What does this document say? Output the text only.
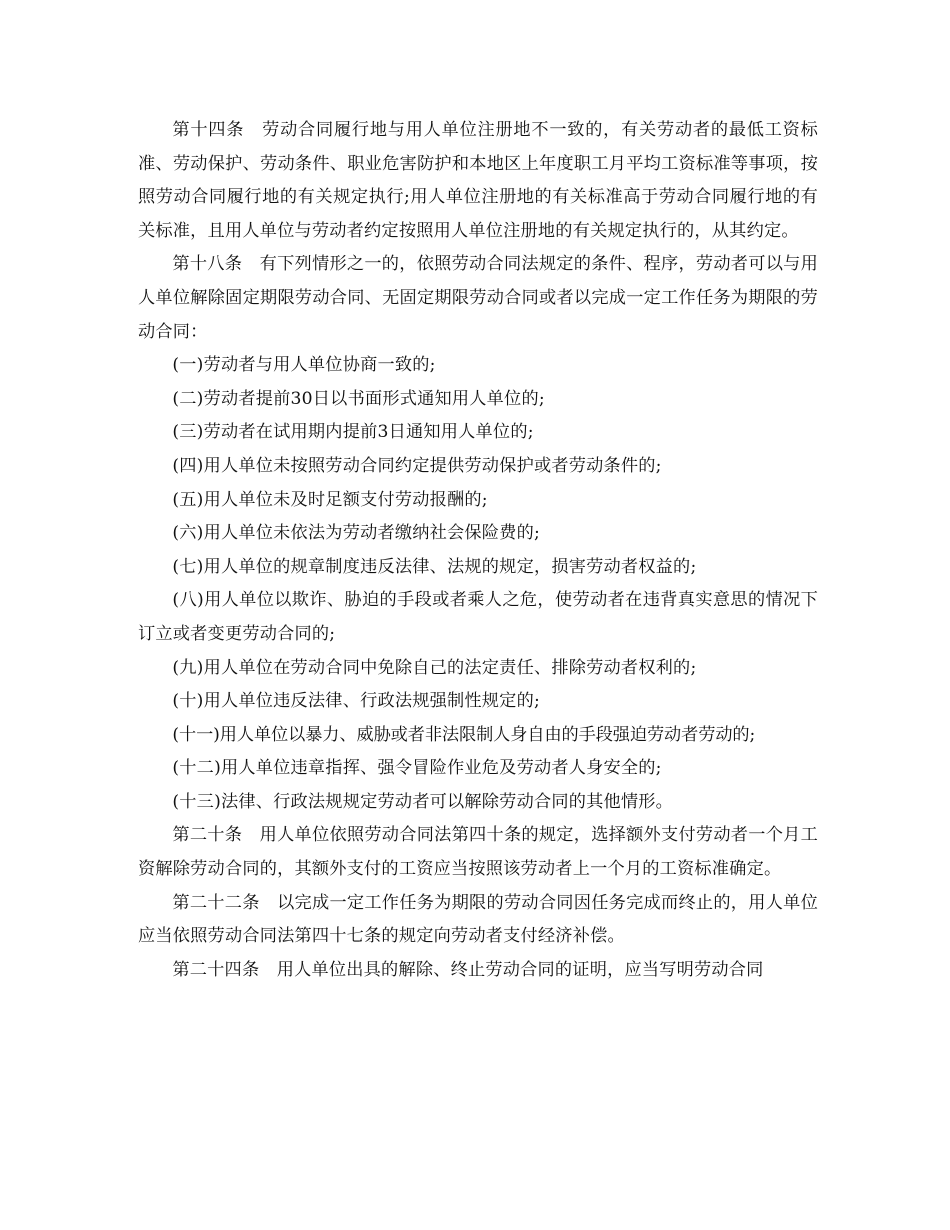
第十四条　劳动合同履行地与用人单位注册地不一致的，有关劳动者的最低工资标准、劳动保护、劳动条件、职业危害防护和本地区上年度职工月平均工资标准等事项，按照劳动合同履行地的有关规定执行;用人单位注册地的有关标准高于劳动合同履行地的有关标准，且用人单位与劳动者约定按照用人单位注册地的有关规定执行的，从其约定。

第十八条　有下列情形之一的，依照劳动合同法规定的条件、程序，劳动者可以与用人单位解除固定期限劳动合同、无固定期限劳动合同或者以完成一定工作任务为期限的劳动合同：

(一)劳动者与用人单位协商一致的;

(二)劳动者提前30日以书面形式通知用人单位的;

(三)劳动者在试用期内提前3日通知用人单位的;

(四)用人单位未按照劳动合同约定提供劳动保护或者劳动条件的;

(五)用人单位未及时足额支付劳动报酬的;

(六)用人单位未依法为劳动者缴纳社会保险费的;

(七)用人单位的规章制度违反法律、法规的规定，损害劳动者权益的;

(八)用人单位以欺诈、胁迫的手段或者乘人之危，使劳动者在违背真实意思的情况下订立或者变更劳动合同的;

(九)用人单位在劳动合同中免除自己的法定责任、排除劳动者权利的;

(十)用人单位违反法律、行政法规强制性规定的;

(十一)用人单位以暴力、威胁或者非法限制人身自由的手段强迫劳动者劳动的;

(十二)用人单位违章指挥、强令冒险作业危及劳动者人身安全的;

(十三)法律、行政法规规定劳动者可以解除劳动合同的其他情形。

第二十条　用人单位依照劳动合同法第四十条的规定，选择额外支付劳动者一个月工资解除劳动合同的，其额外支付的工资应当按照该劳动者上一个月的工资标准确定。

第二十二条　以完成一定工作任务为期限的劳动合同因任务完成而终止的，用人单位应当依照劳动合同法第四十七条的规定向劳动者支付经济补偿。

第二十四条　用人单位出具的解除、终止劳动合同的证明，应当写明劳动合同
